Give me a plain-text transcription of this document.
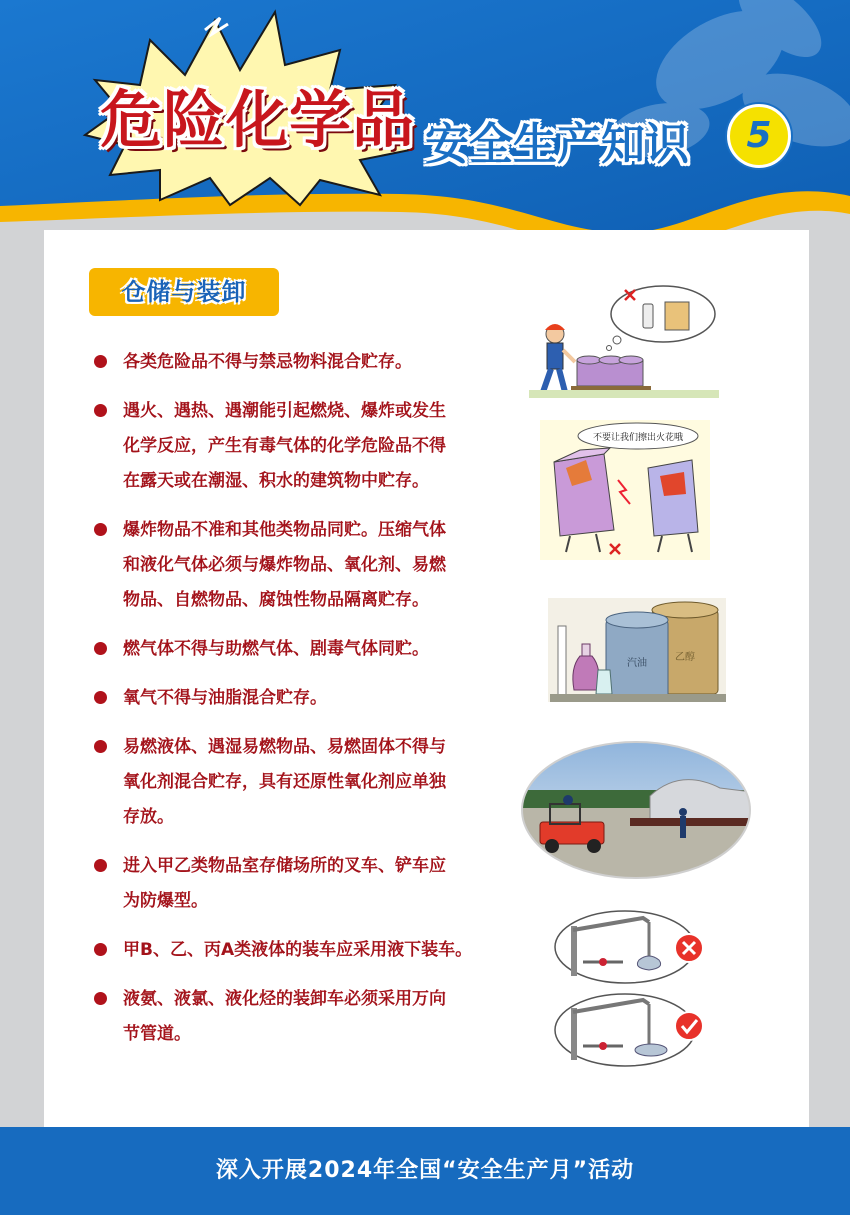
危险化学品 安全生产知识	5
仓储与装卸
各类危险品不得与禁忌物料混合贮存。
遇火、遇热、遇潮能引起燃烧、爆炸或发生
化学反应，产生有毒气体的化学危险品不得
在露天或在潮湿、积水的建筑物中贮存。
爆炸物品不准和其他类物品同贮。压缩气体
和液化气体必须与爆炸物品、氧化剂、易燃
物品、自燃物品、腐蚀性物品隔离贮存。
燃气体不得与助燃气体、剧毒气体同贮。
氧气不得与油脂混合贮存。
易燃液体、遇湿易燃物品、易燃固体不得与
氧化剂混合贮存，具有还原性氧化剂应单独
存放。
进入甲乙类物品室存储场所的叉车、铲车应
为防爆型。
甲B、乙、丙A类液体的装车应采用液下装车。
液氨、液氯、液化烃的装卸车必须采用万向
节管道。
不要让我们擦出火花哦
乙醇
汽油
深入开展2024年全国“安全生产月”活动
